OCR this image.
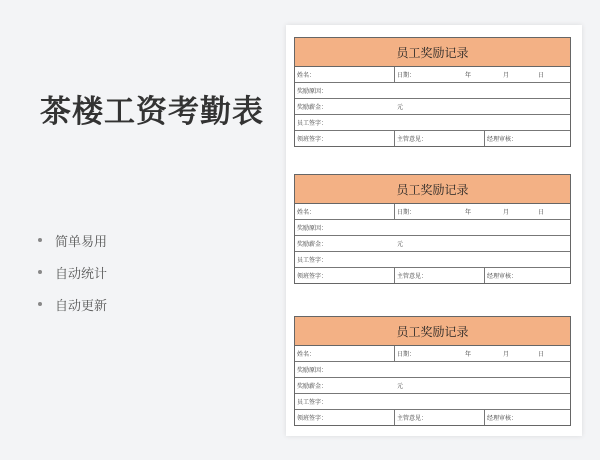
茶楼工资考勤表
简单易用
自动统计
自动更新
员工奖励记录
姓名：	日期：	年	月	日
奖励原因：
奖励薪金：	元
员工签字：
领班签字：	主管意见：	经理审核：
员工奖励记录
姓名：	日期：	年	月	日
奖励原因：
奖励薪金：	元
员工签字：
领班签字：	主管意见：	经理审核：
员工奖励记录
姓名：	日期：	年	月	日
奖励原因：
奖励薪金：	元
员工签字：
领班签字：	主管意见：	经理审核：
